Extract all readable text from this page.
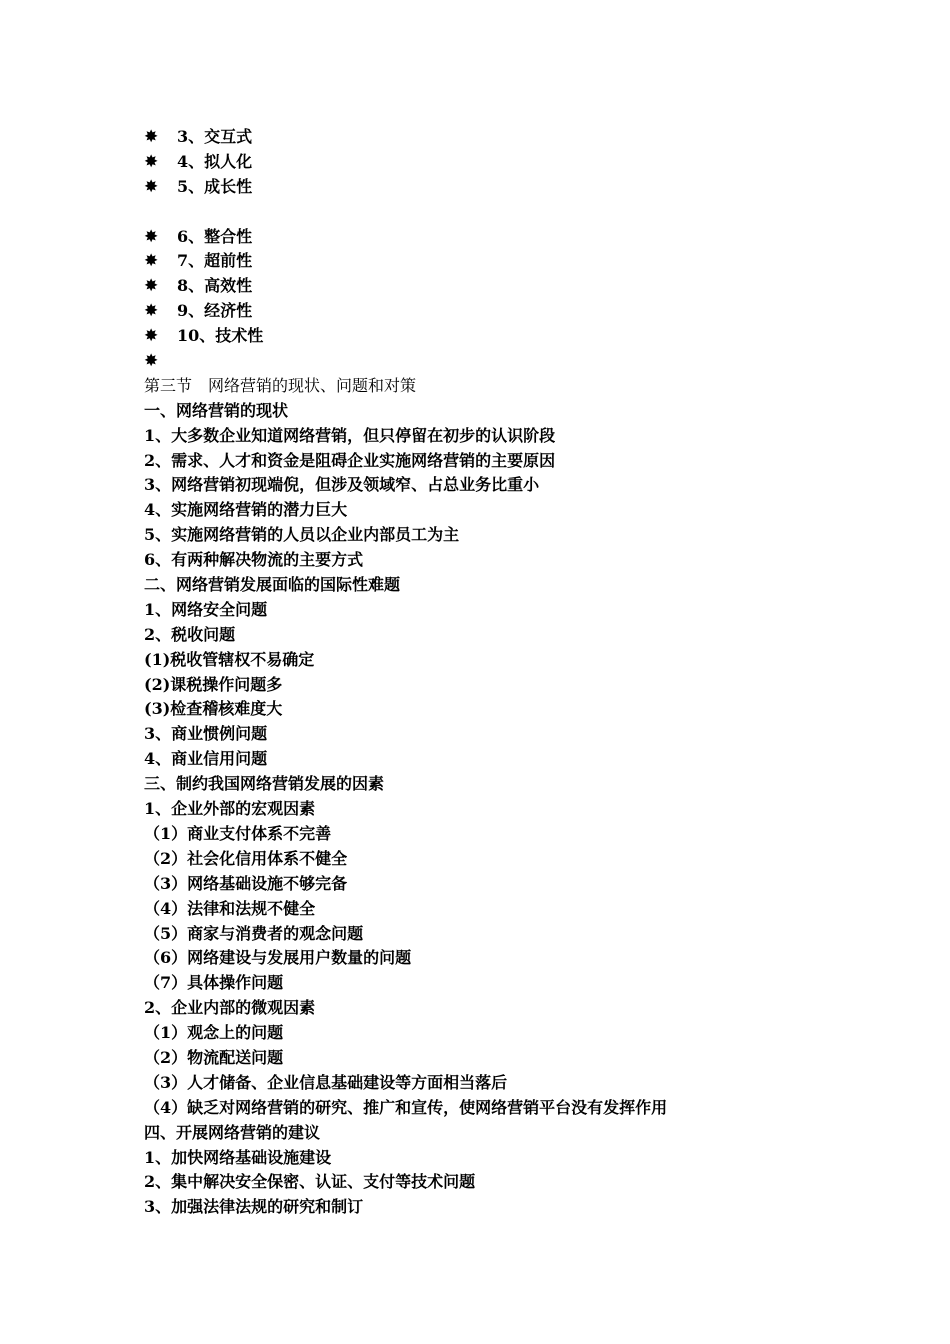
✸	3、交互式
✸	4、拟人化
✸	5、成长性
✸	6、整合性
✸	7、超前性
✸	8、高效性
✸	9、经济性
✸	10、技术性
✸
第三节　网络营销的现状、问题和对策
一、网络营销的现状
1、大多数企业知道网络营销，但只停留在初步的认识阶段
2、需求、人才和资金是阻碍企业实施网络营销的主要原因
3、网络营销初现端倪，但涉及领域窄、占总业务比重小
4、实施网络营销的潜力巨大
5、实施网络营销的人员以企业内部员工为主
6、有两种解决物流的主要方式
二、网络营销发展面临的国际性难题
1、网络安全问题
2、税收问题
(1)税收管辖权不易确定
(2)课税操作问题多
(3)检查稽核难度大
3、商业惯例问题
4、商业信用问题
三、制约我国网络营销发展的因素
1、企业外部的宏观因素
（1）商业支付体系不完善
（2）社会化信用体系不健全
（3）网络基础设施不够完备
（4）法律和法规不健全
（5）商家与消费者的观念问题
（6）网络建设与发展用户数量的问题
（7）具体操作问题
2、企业内部的微观因素
（1）观念上的问题
（2）物流配送问题
（3）人才储备、企业信息基础建设等方面相当落后
（4）缺乏对网络营销的研究、推广和宣传，使网络营销平台没有发挥作用
四、开展网络营销的建议
1、加快网络基础设施建设
2、集中解决安全保密、认证、支付等技术问题
3、加强法律法规的研究和制订
